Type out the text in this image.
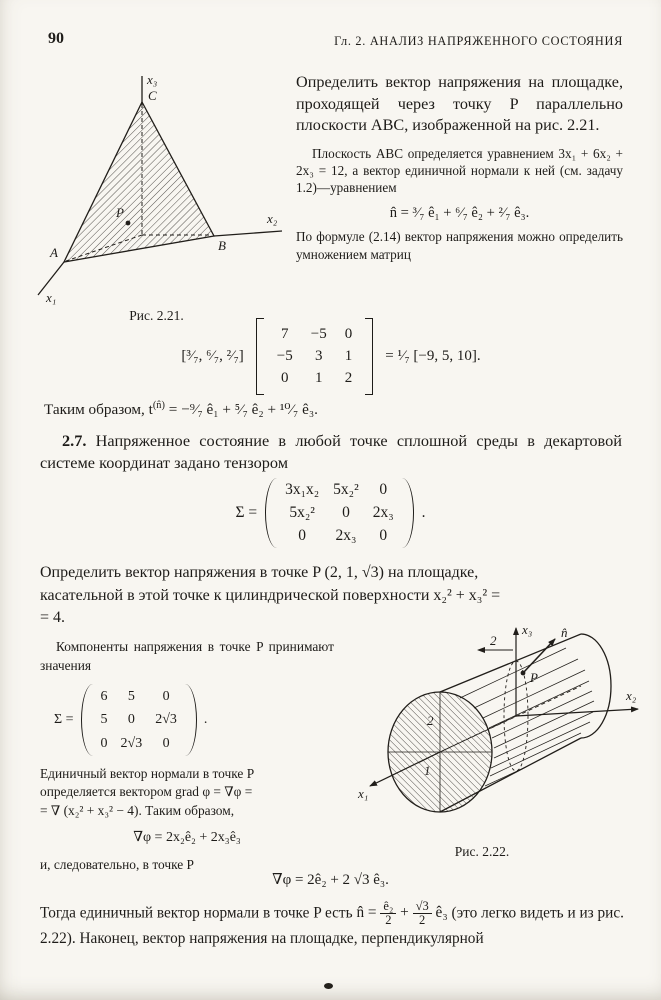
90	Гл. 2. АНАЛИЗ НАПРЯЖЕННОГО СОСТОЯНИЯ
x₃
C
x₂
B
A
x₁
P
Рис. 2.21.

Определить вектор напряжения на площадке, проходящей через точку P параллельно плоскости ABC, изображенной на рис. 2.21.

Плоскость ABC определяется уравнением 3x₁ + 6x₂ + 2x₃ = 12, а вектор единичной нормали к ней (см. задачу 1.2)—уравнением

n̂ = ³⁄₇ ê₁ + ⁶⁄₇ ê₂ + ²⁄₇ ê₃.

По формуле (2.14) вектор напряжения можно определить умножением матриц

[³⁄₇, ⁶⁄₇, ²⁄₇]
7 −5 0
−5 3 1
0 1 2
= ¹⁄₇ [−9, 5, 10].

Таким образом, $t^{(n̂)}$ = −⁹⁄₇ ê₁ + ⁵⁄₇ ê₂ + ¹⁰⁄₇ ê₃.

2.7. Напряженное состояние в любой точке сплошной среды в декартовой системе координат задано тензором

Σ =
3x₁x₂ 5x₂²	0
5x₂²	0	2x₃
0	2x₃	0
.
Определить вектор напряжения в точке P (2, 1, √3) на площадке,
касательной в этой точке к цилиндрической поверхности x₂² + x₃² =
= 4.

Компоненты напряжения в точке P принимают значения

Σ =
6	5	0
5	0	2√3
0 2√3	0
.
Единичный вектор нормали в точке P
определяется вектором grad φ = ∇φ =
= ∇ (x₂² + x₃² − 4). Таким образом,

∇φ = 2x₂ê₂ + 2x₃ê₃

и, следовательно, в точке P

x₃ n̂
x₂
x₁
P
2
2
1
Рис. 2.22.

∇φ = 2ê₂ + 2 √3 ê₃.

Тогда единичный вектор нормали в точке P есть n̂ = $\frac{\text{ê₂}}{2} + \frac{√3}{2}$ ê₃ (это легко видеть и из рис. 2.22). Наконец, вектор напряжения на площадке, перпендикулярной
